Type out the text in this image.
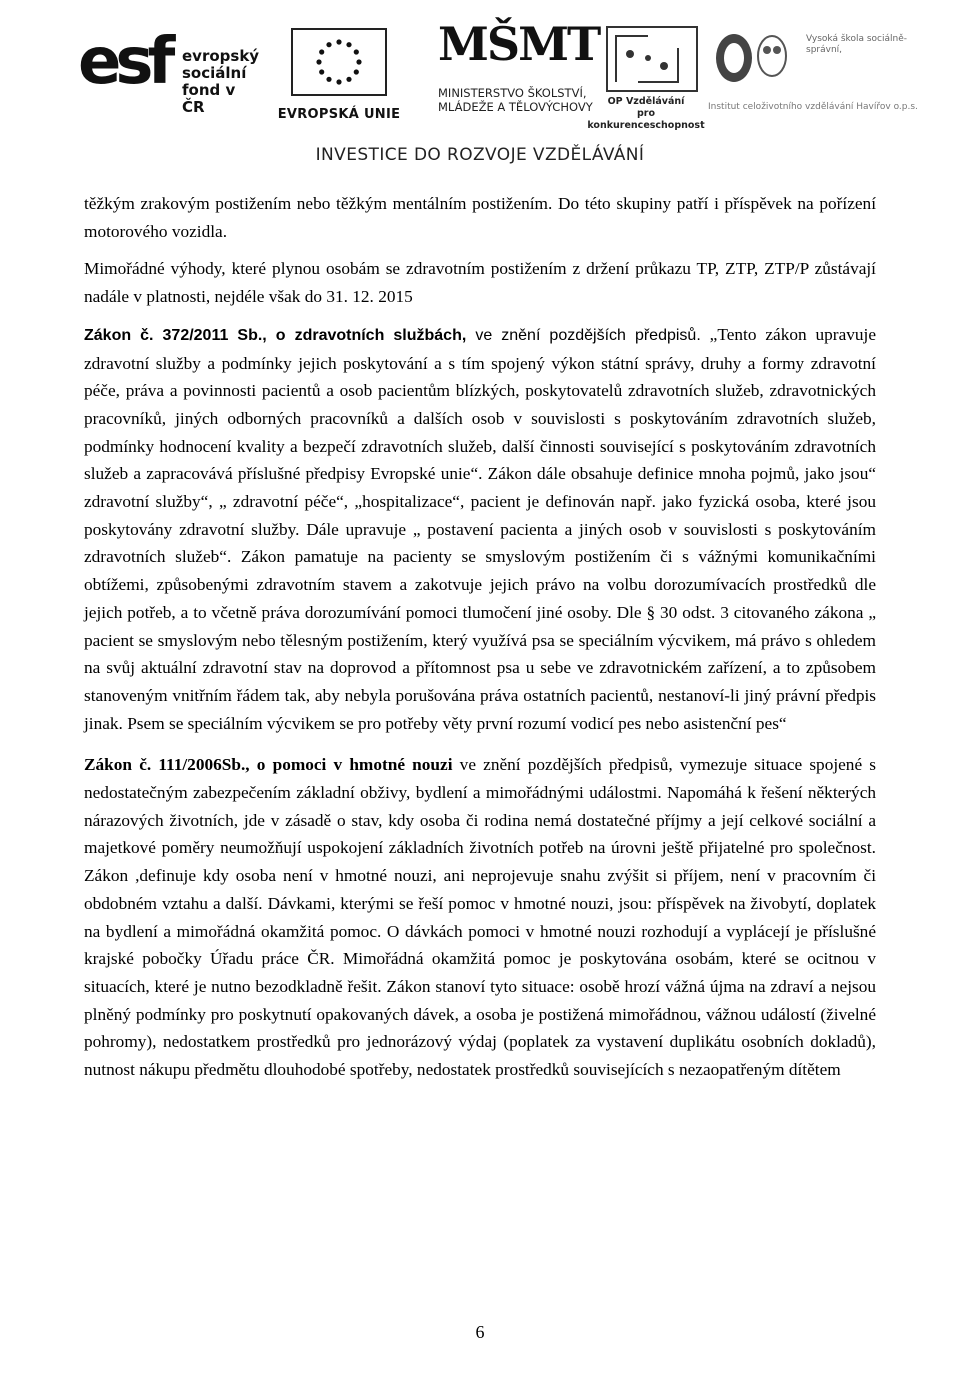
esf evropský
sociální
fond v ČR	EVROPSKÁ UNIE
MŠMT
MINISTERSTVO ŠKOLSTVÍ,
MLÁDEŽE A TĚLOVÝCHOVY	OP Vzdělávání
pro konkurenceschopnost
Vysoká škola sociálně-správní,
Institut celoživotního vzdělávání Havířov o.p.s.
INVESTICE DO ROZVOJE VZDĚLÁVÁNÍ

těžkým zrakovým postižením nebo těžkým mentálním postižením. Do této skupiny patří i příspěvek na pořízení motorového vozidla.

Mimořádné výhody, které plynou osobám se zdravotním postižením z držení průkazu TP, ZTP, ZTP/P zůstávají nadále v platnosti, nejdéle však do 31. 12. 2015

Zákon č. 372/2011 Sb., o zdravotních službách, ve znění pozdějších předpisů. „Tento zákon upravuje zdravotní služby a podmínky jejich poskytování a s tím spojený výkon státní správy, druhy a formy zdravotní péče, práva a povinnosti pacientů a osob pacientům blízkých, poskytovatelů zdravotních služeb, zdravotnických pracovníků, jiných odborných pracovníků a dalších osob v souvislosti s poskytováním zdravotních služeb, podmínky hodnocení kvality a bezpečí zdravotních služeb, další činnosti související s poskytováním zdravotních služeb a zapracovává příslušné předpisy Evropské unie“. Zákon dále obsahuje definice mnoha pojmů, jako jsou“ zdravotní služby“, „ zdravotní péče“, „hospitalizace“, pacient je definován např. jako fyzická osoba, které jsou poskytovány zdravotní služby. Dále upravuje „ postavení pacienta a jiných osob v souvislosti s poskytováním zdravotních služeb“. Zákon pamatuje na pacienty se smyslovým postižením či s vážnými komunikačními obtížemi, způsobenými zdravotním stavem a zakotvuje jejich právo na volbu dorozumívacích prostředků dle jejich potřeb, a to včetně práva dorozumívání pomoci tlumočení jiné osoby. Dle § 30 odst. 3 citovaného zákona „ pacient se smyslovým nebo tělesným postižením, který využívá psa se speciálním výcvikem, má právo s ohledem na svůj aktuální zdravotní stav na doprovod a přítomnost psa u sebe ve zdravotnickém zařízení, a to způsobem stanoveným vnitřním řádem tak, aby nebyla porušována práva ostatních pacientů, nestanoví-li jiný právní předpis jinak. Psem se speciálním výcvikem se pro potřeby věty první rozumí vodicí pes nebo asistenční pes“

Zákon č. 111/2006Sb., o pomoci v hmotné nouzi ve znění pozdějších předpisů, vymezuje situace spojené s nedostatečným zabezpečením základní obživy, bydlení a mimořádnými událostmi. Napomáhá k řešení některých nárazových životních, jde v zásadě o stav, kdy osoba či rodina nemá dostatečné příjmy a její celkové sociální a majetkové poměry neumožňují uspokojení základních životních potřeb na úrovni ještě přijatelné pro společnost. Zákon ,definuje kdy osoba není v hmotné nouzi, ani neprojevuje snahu zvýšit si příjem, není v pracovním či obdobném vztahu a další. Dávkami, kterými se řeší pomoc v hmotné nouzi, jsou: příspěvek na živobytí, doplatek na bydlení a mimořádná okamžitá pomoc. O dávkách pomoci v hmotné nouzi rozhodují a vyplácejí je příslušné krajské pobočky Úřadu práce ČR. Mimořádná okamžitá pomoc je poskytována osobám, které se ocitnou v situacích, které je nutno bezodkladně řešit. Zákon stanoví tyto situace: osobě hrozí vážná újma na zdraví a nejsou plněný podmínky pro poskytnutí opakovaných dávek, a osoba je postižená mimořádnou, vážnou událostí (živelné pohromy), nedostatkem prostředků pro jednorázový výdaj (poplatek za vystavení duplikátu osobních dokladů), nutnost nákupu předmětu dlouhodobé spotřeby, nedostatek prostředků souvisejících s nezaopatřeným dítětem

6
